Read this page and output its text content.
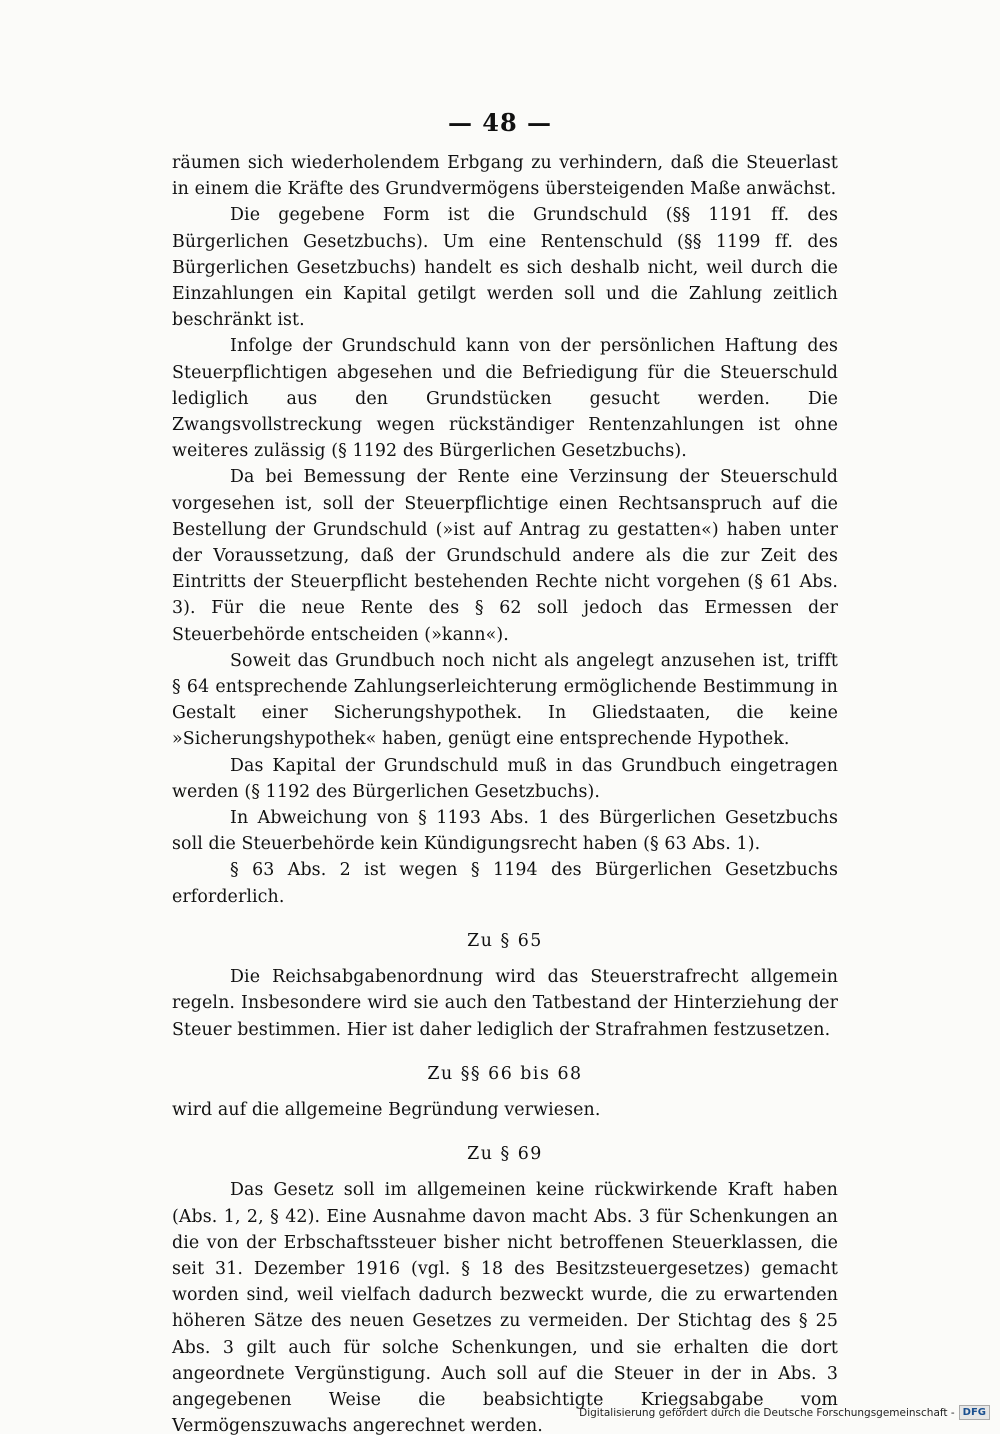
— 48 —

räumen sich wiederholendem Erbgang zu verhindern, daß die Steuerlast in einem die Kräfte des Grundvermögens übersteigenden Maße anwächst.

Die gegebene Form ist die Grundschuld (§§ 1191 ff. des Bürgerlichen Gesetzbuchs). Um eine Rentenschuld (§§ 1199 ff. des Bürgerlichen Gesetzbuchs) handelt es sich deshalb nicht, weil durch die Einzahlungen ein Kapital getilgt werden soll und die Zahlung zeitlich beschränkt ist.

Infolge der Grundschuld kann von der persönlichen Haftung des Steuerpflichtigen abgesehen und die Befriedigung für die Steuerschuld lediglich aus den Grundstücken gesucht werden. Die Zwangsvollstreckung wegen rückständiger Rentenzahlungen ist ohne weiteres zulässig (§ 1192 des Bürgerlichen Gesetzbuchs).

Da bei Bemessung der Rente eine Verzinsung der Steuerschuld vorgesehen ist, soll der Steuerpflichtige einen Rechtsanspruch auf die Bestellung der Grundschuld (»ist auf Antrag zu gestatten«) haben unter der Voraussetzung, daß der Grundschuld andere als die zur Zeit des Eintritts der Steuerpflicht bestehenden Rechte nicht vorgehen (§ 61 Abs. 3). Für die neue Rente des § 62 soll jedoch das Ermessen der Steuerbehörde entscheiden (»kann«).

Soweit das Grundbuch noch nicht als angelegt anzusehen ist, trifft § 64 entsprechende Zahlungserleichterung ermöglichende Bestimmung in Gestalt einer Sicherungshypothek. In Gliedstaaten, die keine »Sicherungshypothek« haben, genügt eine entsprechende Hypothek.

Das Kapital der Grundschuld muß in das Grundbuch eingetragen werden (§ 1192 des Bürgerlichen Gesetzbuchs).

In Abweichung von § 1193 Abs. 1 des Bürgerlichen Gesetzbuchs soll die Steuerbehörde kein Kündigungsrecht haben (§ 63 Abs. 1).

§ 63 Abs. 2 ist wegen § 1194 des Bürgerlichen Gesetzbuchs erforderlich.

Zu § 65

Die Reichsabgabenordnung wird das Steuerstrafrecht allgemein regeln. Insbesondere wird sie auch den Tatbestand der Hinterziehung der Steuer bestimmen. Hier ist daher lediglich der Strafrahmen festzusetzen.

Zu §§ 66 bis 68

wird auf die allgemeine Begründung verwiesen.

Zu § 69

Das Gesetz soll im allgemeinen keine rückwirkende Kraft haben (Abs. 1, 2, § 42). Eine Ausnahme davon macht Abs. 3 für Schenkungen an die von der Erbschaftssteuer bisher nicht betroffenen Steuerklassen, die seit 31. Dezember 1916 (vgl. § 18 des Besitzsteuergesetzes) gemacht worden sind, weil vielfach dadurch bezweckt wurde, die zu erwartenden höheren Sätze des neuen Gesetzes zu vermeiden. Der Stichtag des § 25 Abs. 3 gilt auch für solche Schenkungen, und sie erhalten die dort angeordnete Vergünstigung. Auch soll auf die Steuer in der in Abs. 3 angegebenen Weise die beabsichtigte Kriegsabgabe vom Vermögenszuwachs angerechnet werden.

Digitalisierung gefördert durch die Deutsche Forschungsgemeinschaft - DFG
